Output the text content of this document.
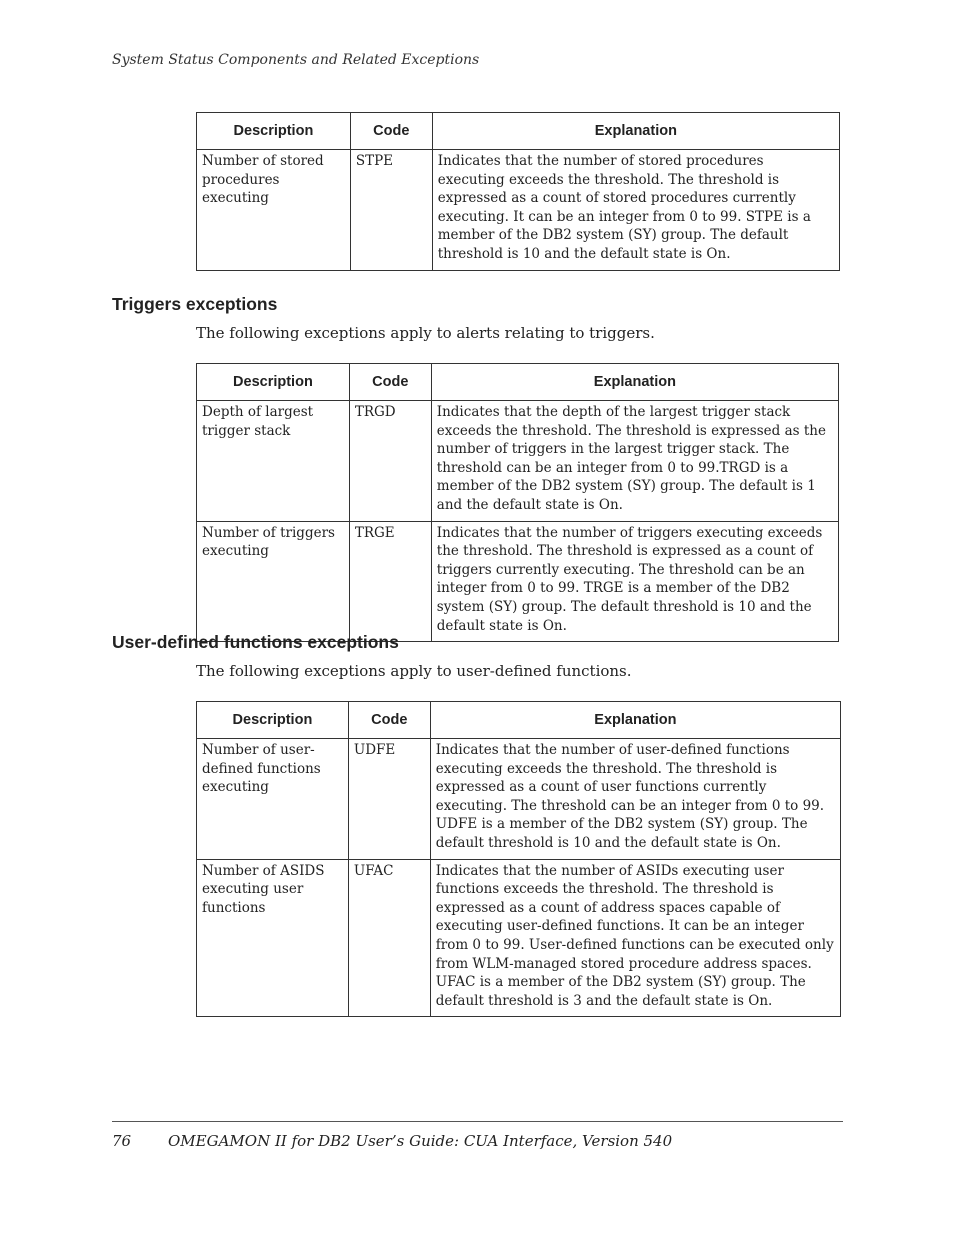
System Status Components and Related Exceptions
Description	Code	Explanation
Number of stored procedures executing	STPE	Indicates that the number of stored procedures executing exceeds the threshold. The threshold is expressed as a count of stored procedures currently executing. It can be an integer from 0 to 99. STPE is a member of the DB2 system (SY) group. The default threshold is 10 and the default state is On.
Triggers exceptions
The following exceptions apply to alerts relating to triggers.
Description	Code	Explanation
Depth of largest trigger stack	TRGD	Indicates that the depth of the largest trigger stack exceeds the threshold. The threshold is expressed as the number of triggers in the largest trigger stack. The threshold can be an integer from 0 to 99.TRGD is a member of the DB2 system (SY) group. The default is 1 and the default state is On.
Number of triggers executing	TRGE	Indicates that the number of triggers executing exceeds the threshold. The threshold is expressed as a count of triggers currently executing. The threshold can be an integer from 0 to 99. TRGE is a member of the DB2 system (SY) group. The default threshold is 10 and the default state is On.
User-defined functions exceptions
The following exceptions apply to user-defined functions.
Description	Code	Explanation
Number of user-defined functions executing	UDFE	Indicates that the number of user-defined functions executing exceeds the threshold. The threshold is expressed as a count of user functions currently executing. The threshold can be an integer from 0 to 99. UDFE is a member of the DB2 system (SY) group. The default threshold is 10 and the default state is On.
Number of ASIDS executing user functions	UFAC	Indicates that the number of ASIDs executing user functions exceeds the threshold. The threshold is expressed as a count of address spaces capable of executing user-defined functions. It can be an integer from 0 to 99. User-defined functions can be executed only from WLM-managed stored procedure address spaces. UFAC is a member of the DB2 system (SY) group. The default threshold is 3 and the default state is On.
76 OMEGAMON II for DB2 User’s Guide: CUA Interface, Version 540
